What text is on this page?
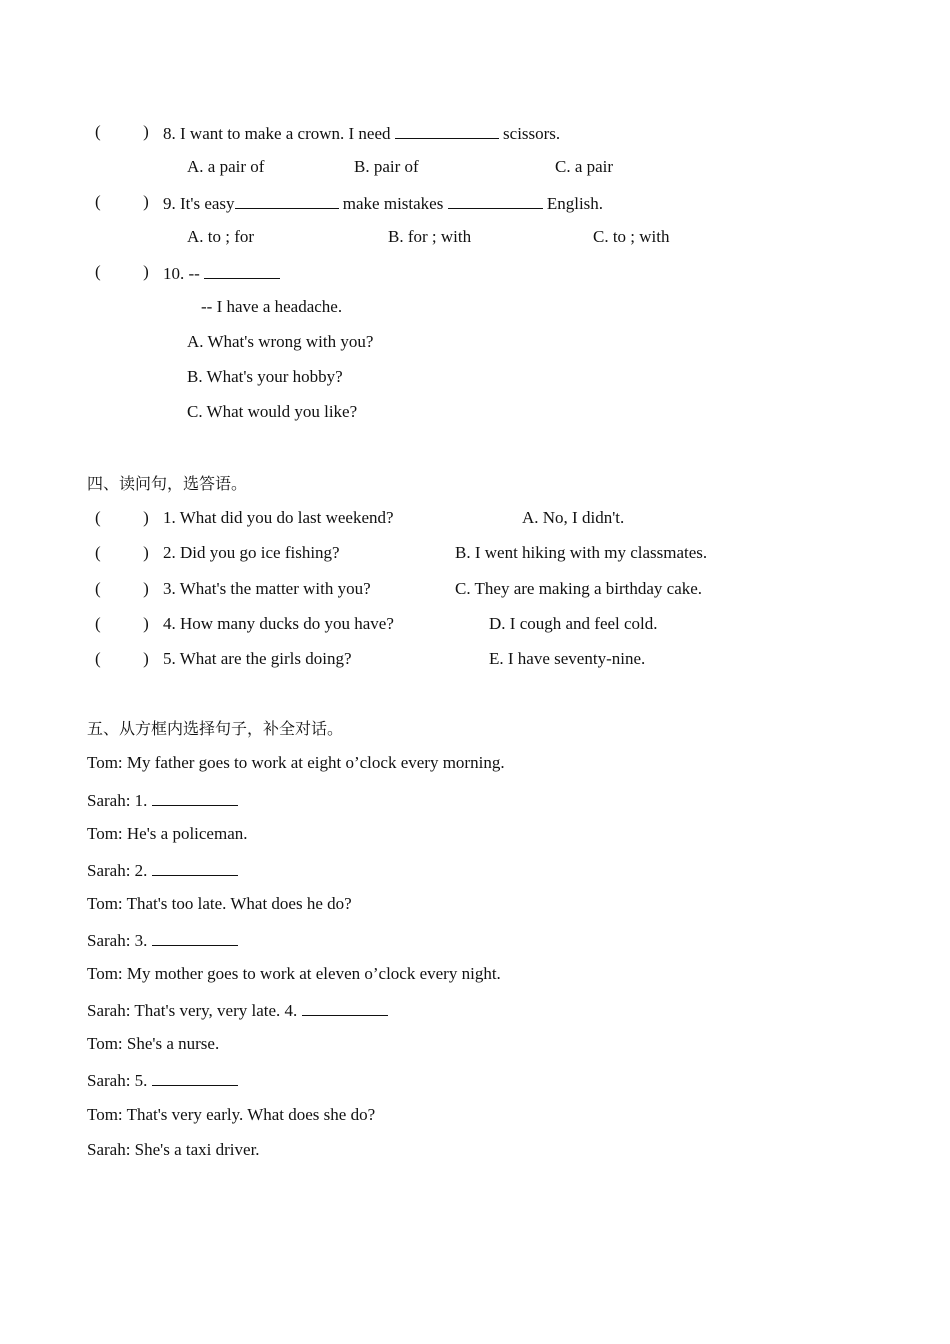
(          ) 8. I want to make a crown. I need	scissors.
A. a pair of	B. pair of	C. a pair
(          ) 9. It's easy	make mistakes	English.
A. to ; for	B. for ; with	C. to ; with
(          ) 10. --
-- I have a headache.
A. What's wrong with you?
B. What's your hobby?
C. What would you like?
四、读问句，选答语。
(          ) 1. What did you do last weekend?	A. No, I didn't.
(          ) 2. Did you go ice fishing?	B. I went hiking with my classmates.
(          ) 3. What's the matter with you?	C. They are making a birthday cake.
(          ) 4. How many ducks do you have?	D. I cough and feel cold.
(          ) 5. What are the girls doing?	E. I have seventy-nine.
五、从方框内选择句子，补全对话。
Tom: My father goes to work at eight o’clock every morning.
Sarah: 1.
Tom: He's a policeman.
Sarah: 2.
Tom: That's too late. What does he do?
Sarah: 3.
Tom: My mother goes to work at eleven o’clock every night.
Sarah: That's very, very late. 4.
Tom: She's a nurse.
Sarah: 5.
Tom: That's very early. What does she do?
Sarah: She's a taxi driver.
